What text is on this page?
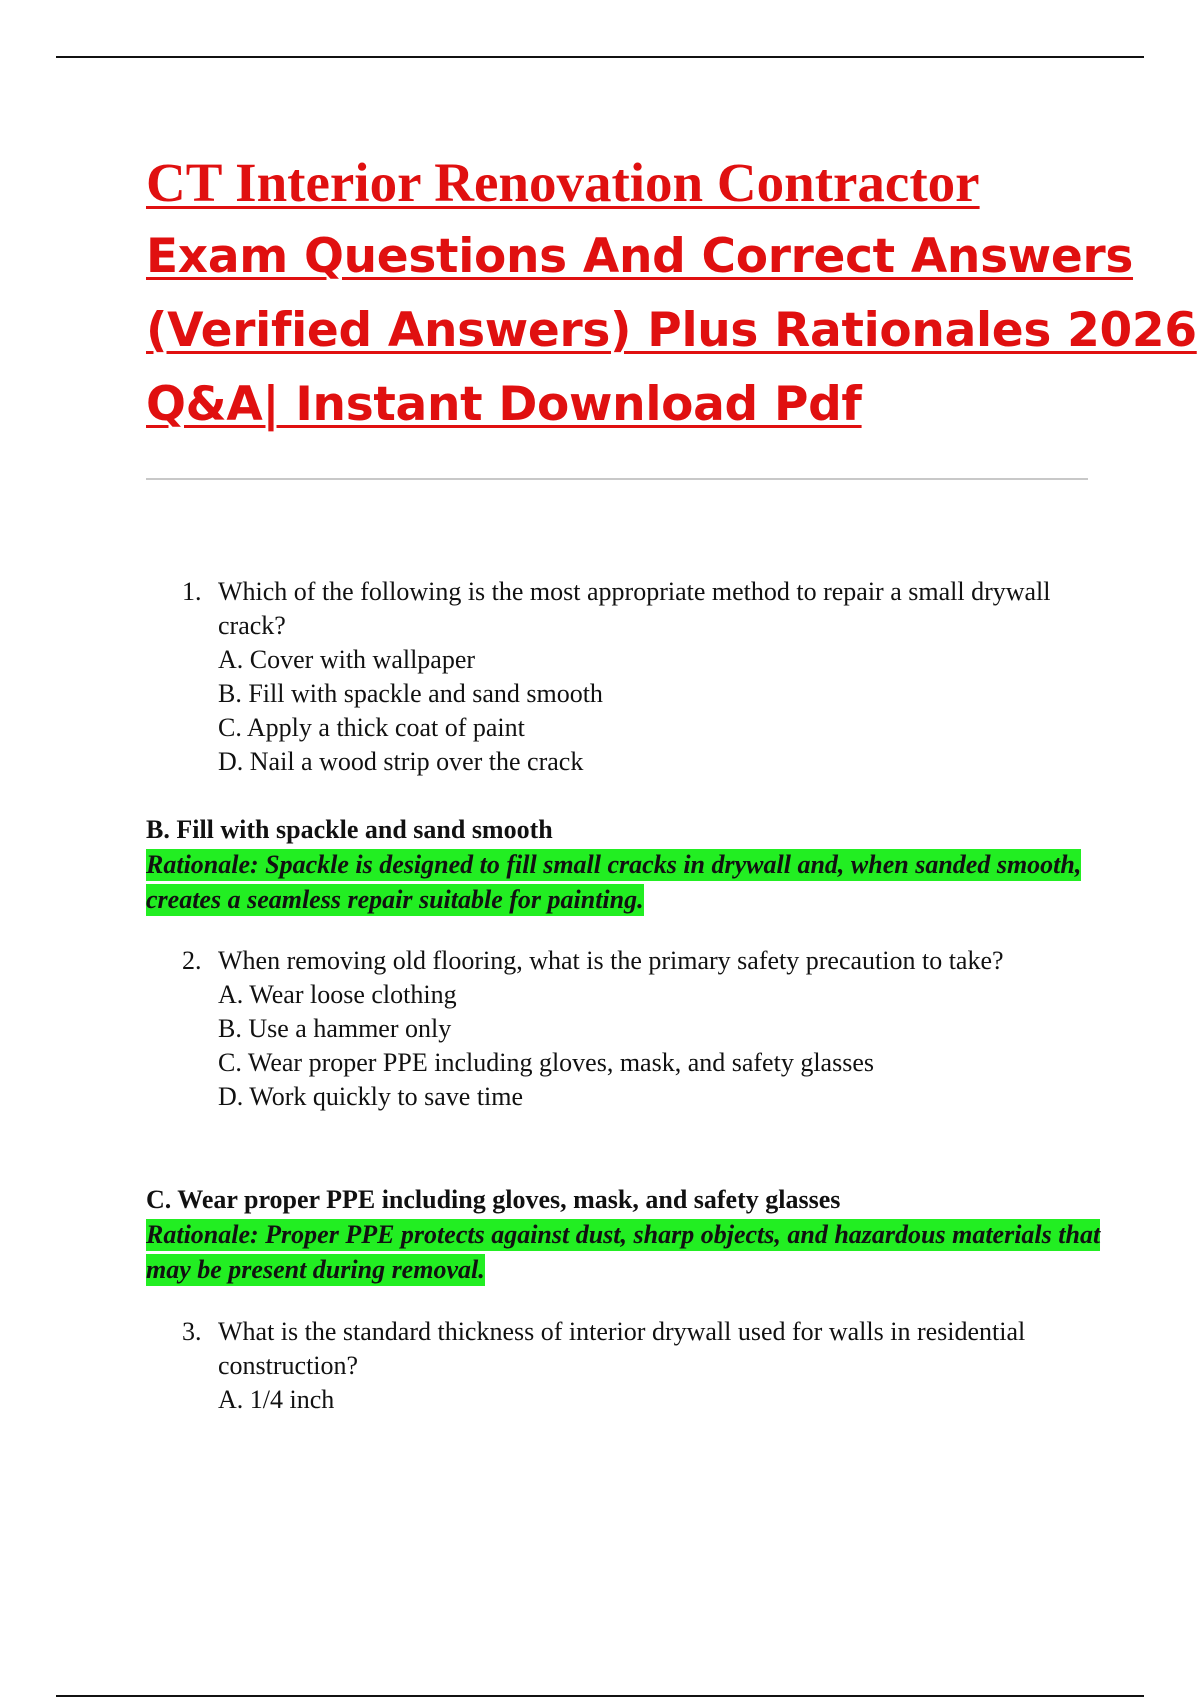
CT Interior Renovation Contractor
Exam Questions And Correct Answers
(Verified Answers) Plus Rationales 2026
Q&A| Instant Download Pdf
1. Which of the following is the most appropriate method to repair a small drywall crack?
A. Cover with wallpaper
B. Fill with spackle and sand smooth
C. Apply a thick coat of paint
D. Nail a wood strip over the crack
B. Fill with spackle and sand smooth
Rationale: Spackle is designed to fill small cracks in drywall and, when sanded smooth, creates a seamless repair suitable for painting.
2. When removing old flooring, what is the primary safety precaution to take?
A. Wear loose clothing
B. Use a hammer only
C. Wear proper PPE including gloves, mask, and safety glasses
D. Work quickly to save time
C. Wear proper PPE including gloves, mask, and safety glasses
Rationale: Proper PPE protects against dust, sharp objects, and hazardous materials that may be present during removal.
3. What is the standard thickness of interior drywall used for walls in residential construction?
A. 1/4 inch
